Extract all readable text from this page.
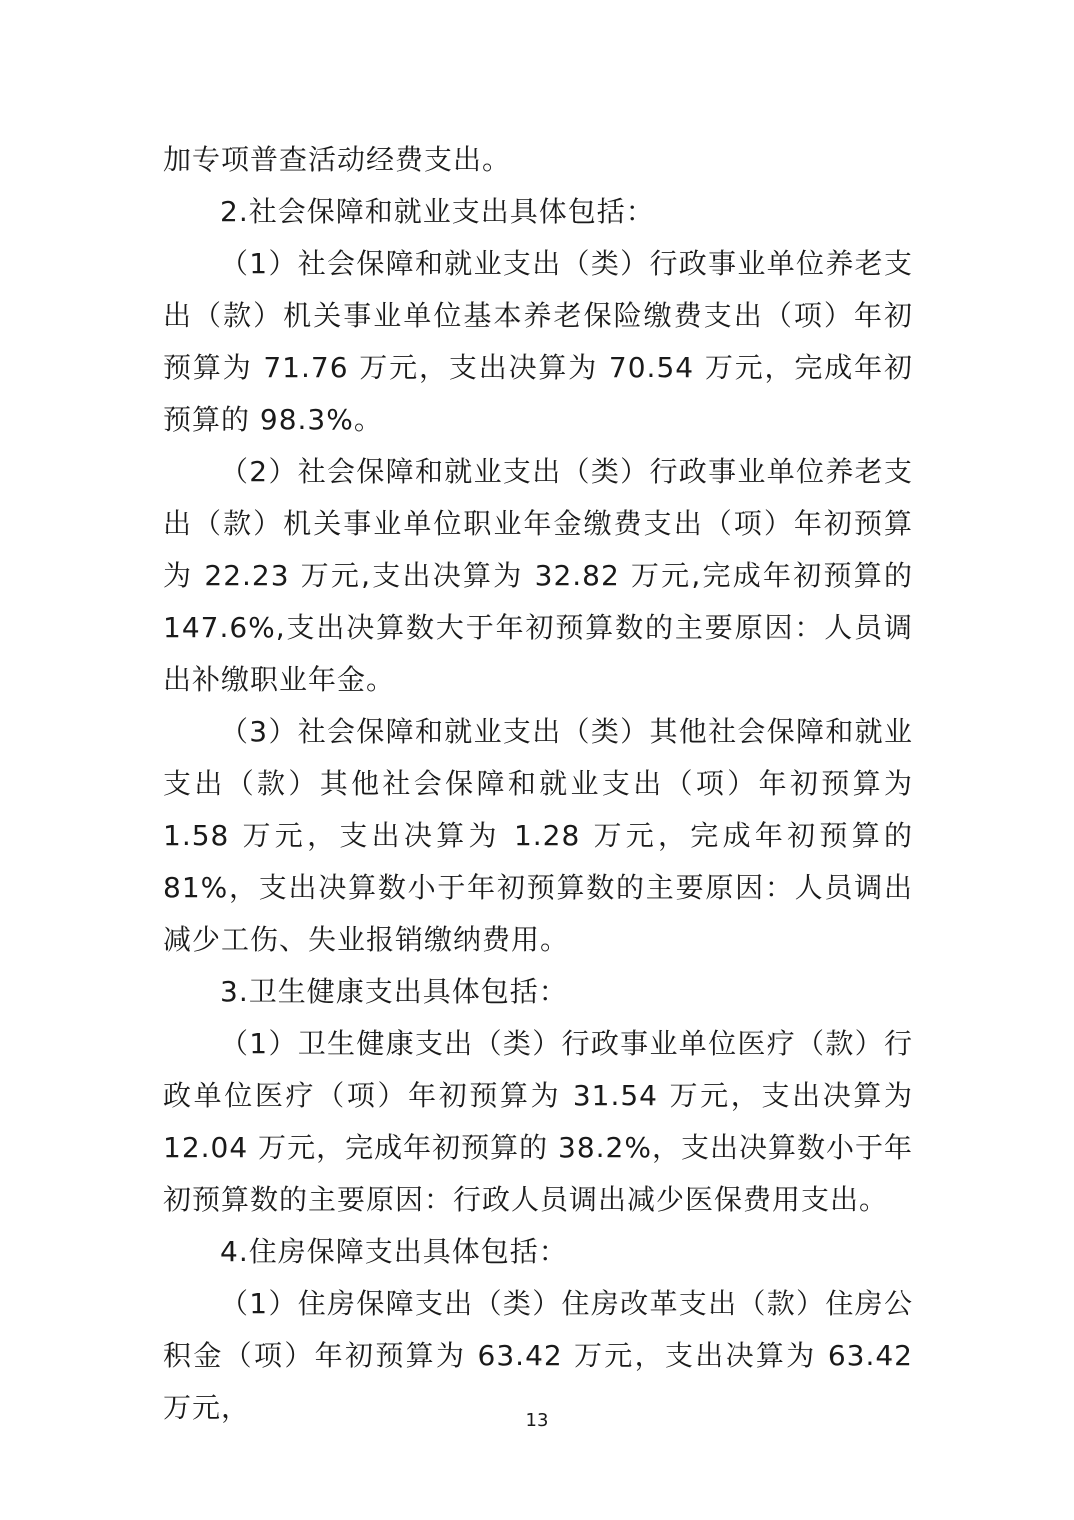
加专项普查活动经费支出。

2.社会保障和就业支出具体包括：

（1）社会保障和就业支出（类）行政事业单位养老支出（款）机关事业单位基本养老保险缴费支出（项）年初预算为 71.76 万元，支出决算为 70.54 万元，完成年初预算的 98.3%。

（2）社会保障和就业支出（类）行政事业单位养老支出（款）机关事业单位职业年金缴费支出（项）年初预算为 22.23 万元,支出决算为 32.82 万元,完成年初预算的 147.6%,支出决算数大于年初预算数的主要原因：人员调出补缴职业年金。

（3）社会保障和就业支出（类）其他社会保障和就业支出（款）其他社会保障和就业支出（项）年初预算为 1.58 万元，支出决算为 1.28 万元，完成年初预算的 81%，支出决算数小于年初预算数的主要原因：人员调出减少工伤、失业报销缴纳费用。

3.卫生健康支出具体包括：

（1）卫生健康支出（类）行政事业单位医疗（款）行政单位医疗（项）年初预算为 31.54 万元，支出决算为 12.04 万元，完成年初预算的 38.2%，支出决算数小于年初预算数的主要原因：行政人员调出减少医保费用支出。

4.住房保障支出具体包括：

（1）住房保障支出（类）住房改革支出（款）住房公积金（项）年初预算为 63.42 万元，支出决算为 63.42 万元，	13
